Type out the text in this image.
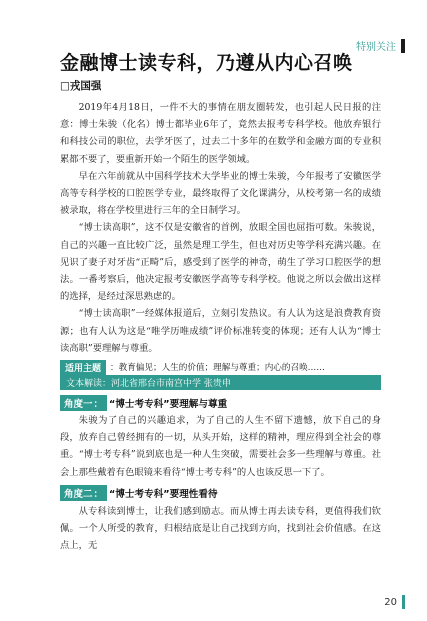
特别关注
金融博士读专科，乃遵从内心召唤
□戎国强

2019年4月18日，一件不大的事情在朋友圈转发，也引起人民日报的注意：博士朱骏（化名）博士都毕业6年了，竟然去报考专科学校。他放弃银行和科技公司的职位，去学牙医了，过去二十多年的在数学和金融方面的专业积累都不要了，要重新开始一个陌生的医学领域。

早在六年前就从中国科学技术大学毕业的博士朱骏，今年报考了安徽医学高等专科学校的口腔医学专业，最终取得了文化课满分，从校考第一名的成绩被录取，将在学校里进行三年的全日制学习。

“博士读高职”，这不仅是安徽省的首例，放眼全国也屈指可数。朱骏说，自己的兴趣一直比较广泛，虽然是理工学生，但也对历史等学科充满兴趣。在见识了妻子对牙齿“正畸”后，感受到了医学的神奇，萌生了学习口腔医学的想法。一番考察后，他决定报考安徽医学高等专科学校。他说之所以会做出这样的选择，是经过深思熟虑的。

“博士读高职”一经媒体报道后，立刻引发热议。有人认为这是浪费教育资源；也有人认为这是“唯学历唯成绩”评价标准转变的体现；还有人认为“博士读高职”要理解与尊重。

适用主题	：教育偏见；人生的价值；理解与尊重；内心的召唤……
文本解读：河北省邢台市南宫中学 张贵申
角度一 ： “博士考专科”要理解与尊重

朱骏为了自己的兴趣追求，为了自己的人生不留下遗憾，放下自己的身段，放弃自己曾经拥有的一切，从头开始，这样的精神，理应得到全社会的尊重。“博士考专科”说到底也是一种人生突破，需要社会多一些理解与尊重。社会上那些戴着有色眼镜来看待“博士考专科”的人也该反思一下了。

角度二 ： “博士考专科”要理性看待

从专科读到博士，让我们感到励志。而从博士再去读专科，更值得我们钦佩。一个人所受的教育，归根结底是让自己找到方向，找到社会价值感。在这点上，无

20
